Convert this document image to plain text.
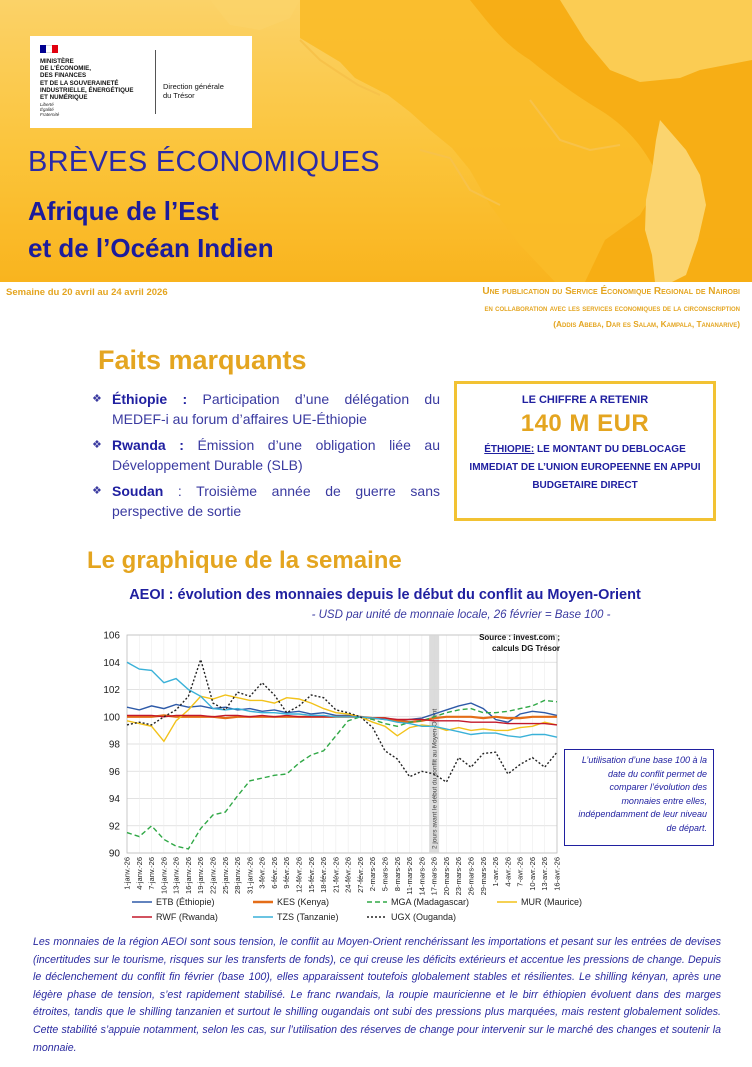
MINISTÈRE
DE L'ÉCONOMIE,
DES FINANCES
ET DE LA SOUVERAINETÉ
INDUSTRIELLE, ÉNERGÉTIQUE
ET NUMÉRIQUE
Liberté
Égalité
Fraternité
Direction générale
du Trésor
BRÈVES ÉCONOMIQUES
Afrique de l’Est
et de l’Océan Indien
Semaine du 20 avril au 24 avril 2026	Une publication du Service Économique Regional de Nairobi
en collaboration avec les services economiques de la circonscription
(Addis Abeba, Dar es Salam, Kampala, Tananarive)
Faits marquants
❖ Éthiopie : Participation d’une délégation du MEDEF-i au forum d’affaires UE-Éthiopie
❖ Rwanda : Émission d’une obligation liée au Développement Durable (SLB)
❖ Soudan : Troisième année de guerre sans perspective de sortie
LE CHIFFRE A RETENIR
140 M EUR
ÉTHIOPIE: LE MONTANT DU DEBLOCAGE IMMEDIAT DE L’UNION EUROPEENNE EN APPUI BUDGETAIRE DIRECT
Le graphique de la semaine
AEOI : évolution des monnaies depuis le début du conflit au Moyen-Orient
- USD par unité de monnaie locale, 26 février = Base 100 -
90
92
94
96
98
100
102
104
106
2 jours avant le début du conflit au Moyen-Orient
1-janv.-26 4-janv.-26 7-janv.-26 10-janv.-26 13-janv.-26 16-janv.-26 19-janv.-26 22-janv.-26 25-janv.-26 28-janv.-26 31-janv.-26 3-févr.-26 6-févr.-26 9-févr.-26 12-févr.-26 15-févr.-26 18-févr.-26 21-févr.-26 24-févr.-26 27-févr.-26 2-mars-26 5-mars-26 8-mars-26 11-mars-26 14-mars-26 17-mars-26 20-mars-26 23-mars-26 26-mars-26 29-mars-26 1-avr.-26 4-avr.-26 7-avr.-26 10-avr.-26 13-avr.-26 16-avr.-26
ETB (Éthiopie)	KES (Kenya)	MGA (Madagascar)	MUR (Maurice)
RWF (Rwanda)	TZS (Tanzanie)	UGX (Ouganda)
Source : invest.com ;
calculs DG Trésor
L’utilisation d’une base 100 à la date du conflit permet de comparer l’évolution des monnaies entre elles, indépendamment de leur niveau de départ.
Les monnaies de la région AEOI sont sous tension, le conflit au Moyen-Orient renchérissant les importations et pesant sur les entrées de devises (incertitudes sur le tourisme, risques sur les transferts de fonds), ce qui creuse les déficits extérieurs et accentue les pressions de change. Depuis le déclenchement du conflit fin février (base 100), elles apparaissent toutefois globalement stables et résilientes. Le shilling kényan, après une légère phase de tension, s’est rapidement stabilisé. Le franc rwandais, la roupie mauricienne et le birr éthiopien évoluent dans des marges étroites, tandis que le shilling tanzanien et surtout le shilling ougandais ont subi des pressions plus marquées, mais restent globalement solides. Cette stabilité s’appuie notamment, selon les cas, sur l’utilisation des réserves de change pour intervenir sur le marché des changes et soutenir la monnaie.
